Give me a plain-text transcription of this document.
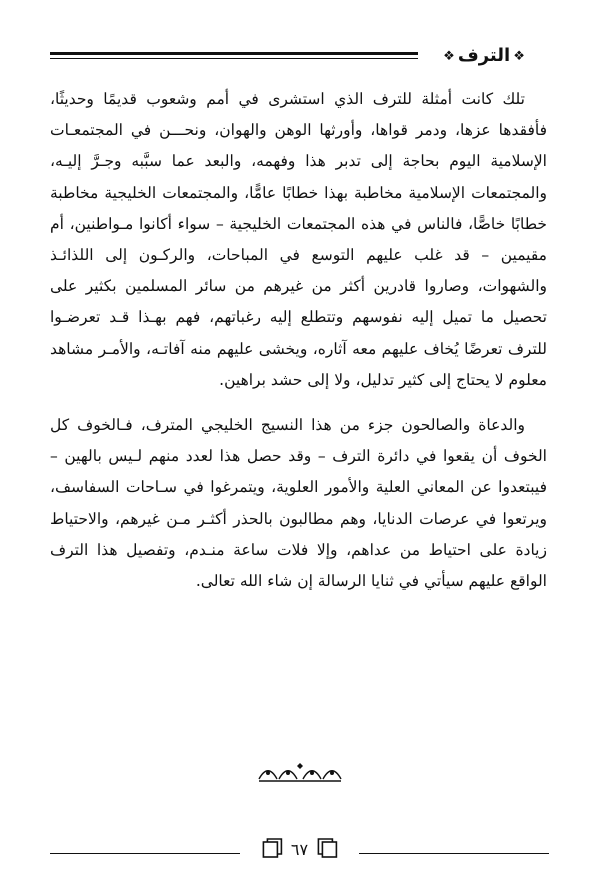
❖
الترف
❖

تلك كانت أمثلة للترف الذي استشرى في أمم وشعوب قديمًا وحديثًا، فأفقدها عزها، ودمر قواها، وأورثها الوهن والهوان، ونحـــن في المجتمعـات الإسلامية اليوم بحاجة إلى تدبر هذا وفهمه، والبعد عما سبَّبه وجـرَّ إليـه، والمجتمعات الإسلامية مخاطبة بهذا خطابًا عامًّا، والمجتمعات الخليجية مخاطبة خطابًا خاصًّا، فالناس في هذه المجتمعات الخليجية – سواء أكانوا مـواطنين، أم مقيمين – قد غلب عليهم التوسع في المباحات، والركـون إلى اللذائـذ والشهوات، وصاروا قادرين أكثر من غيرهم من سائر المسلمين بكثير على تحصيل ما تميل إليه نفوسهم وتتطلع إليه رغباتهم، فهم بهـذا قـد تعرضـوا للترف تعرضًا يُخاف عليهم معه آثاره، ويخشى عليهم منه آفاتـه، والأمـر مشاهد معلوم لا يحتاج إلى كثير تدليل، ولا إلى حشد براهين.

والدعاة والصالحون جزء من هذا النسيج الخليجي المترف، فـالخوف كل الخوف أن يقعوا في دائرة الترف – وقد حصل هذا لعدد منهم لـيس بالهين – فيبتعدوا عن المعاني العلية والأمور العلوية، ويتمرغوا في سـاحات السفاسف، ويرتعوا في عرصات الدنايا، وهم مطالبون بالحذر أكثـر مـن غيرهم، والاحتياط زيادة على احتياط من عداهم، وإلا فلات ساعة منـدم، وتفصيل هذا الترف الواقع عليهم سيأتي في ثنايا الرسالة إن شاء الله تعالى.

٦٧
